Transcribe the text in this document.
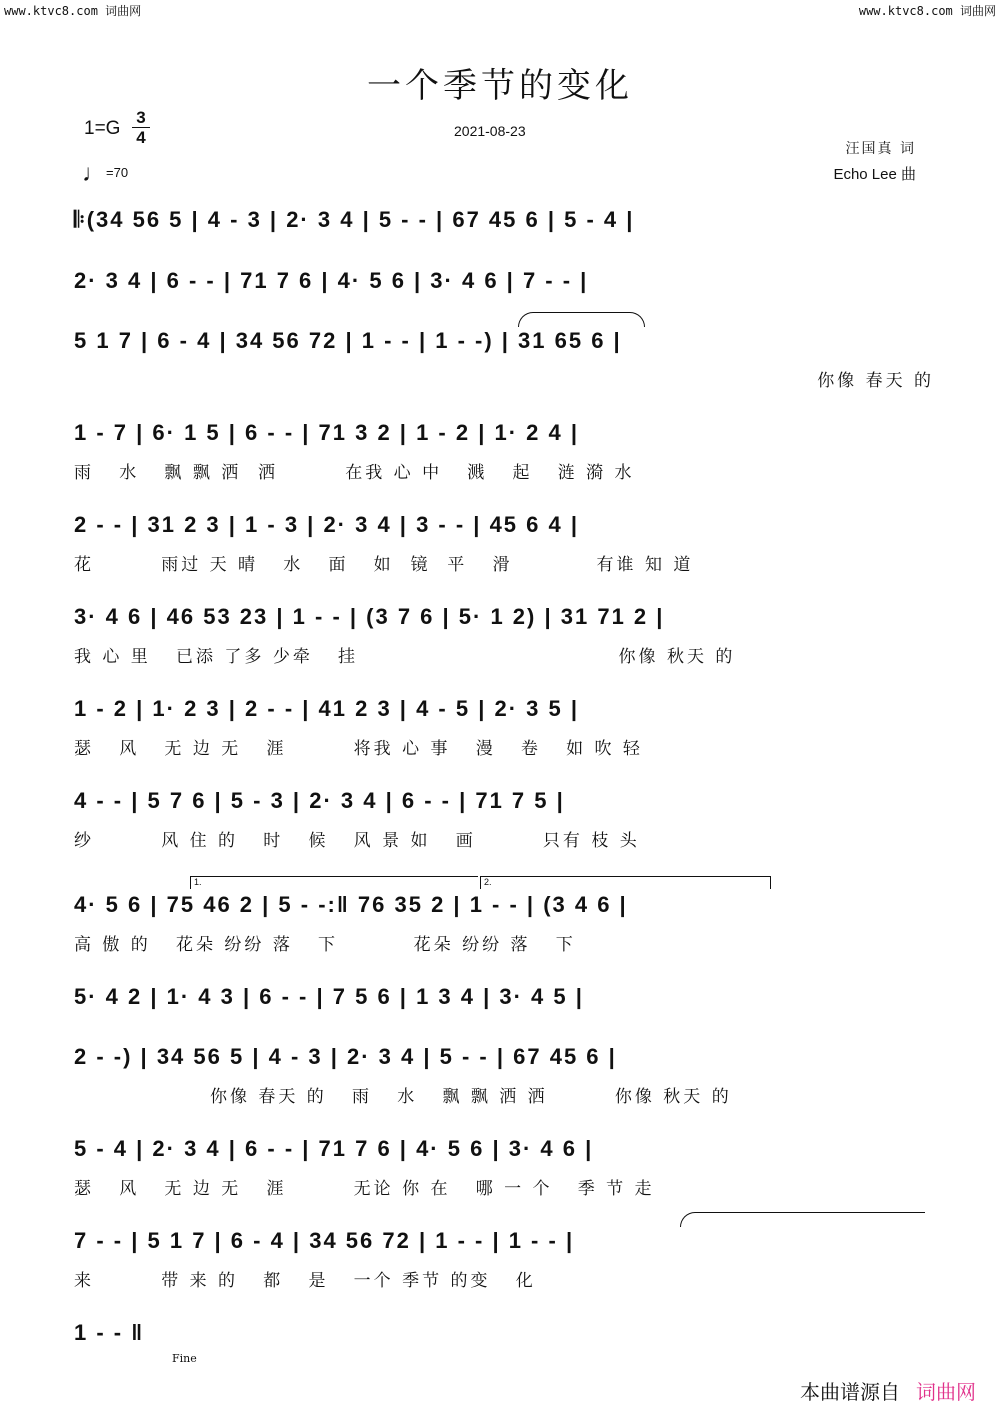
www.ktvc8.com 词曲网	www.ktvc8.com 词曲网
一个季节的变化
$1=G \frac{3}{4}$
♩=70
2021-08-23
汪国真 词
Echo Lee 曲
𝄆(34 56 5 | 4 - 3 | 2· 3 4 | 5 - - | 67 45 6 | 5 - 4 |
2· 3 4 | 6 - - | 71 7 6 | 4· 5 6 | 3· 4 6 | 7 - - |
5 1 7 | 6 - 4 | 34 56 72 | 1 - - | 1 - -) | 31 65 6 |
你像 春天 的
1 - 7 | 6· 1 5 | 6 - - | 71 3 2 | 1 - 2 | 1· 2 4 |
雨   水   飘 飘 洒  洒        在我 心 中   溅   起   涟 漪 水
2 - - | 31 2 3 | 1 - 3 | 2· 3 4 | 3 - - | 45 6 4 |
花        雨过 天 晴   水   面   如  镜  平   滑          有谁 知 道
3· 4 6 | 46 53 23 | 1 - - | (3 7 6 | 5· 1 2) | 31 71 2 |
我 心 里   已添 了多 少牵   挂                               你像 秋天 的
1 - 2 | 1· 2 3 | 2 - - | 41 2 3 | 4 - 5 | 2· 3 5 |
瑟   风   无 边 无   涯        将我 心 事   漫   卷   如 吹 轻
4 - - | 5 7 6 | 5 - 3 | 2· 3 4 | 6 - - | 71 7 5 |
纱        风 住 的   时   候   风 景 如   画        只有 枝 头
1.	2.
4· 5 6 | 75 46 2 | 5 - -:‖ 76 35 2 | 1 - - | (3 4 6 |
高 傲 的   花朵 纷纷 落   下         花朵 纷纷 落   下
5· 4 2 | 1· 4 3 | 6 - - | 7 5 6 | 1 3 4 | 3· 4 5 |
2 - -) | 34 56 5 | 4 - 3 | 2· 3 4 | 5 - - | 67 45 6 |
你像 春天 的   雨   水   飘 飘 洒 洒        你像 秋天 的
5 - 4 | 2· 3 4 | 6 - - | 71 7 6 | 4· 5 6 | 3· 4 6 |
瑟   风   无 边 无   涯        无论 你 在   哪 一 个   季 节 走
7 - - | 5 1 7 | 6 - 4 | 34 56 72 | 1 - - | 1 - - |
来        带 来 的   都   是   一个 季节 的变   化
1 - - ‖
Fine
本曲谱源自 词曲网
